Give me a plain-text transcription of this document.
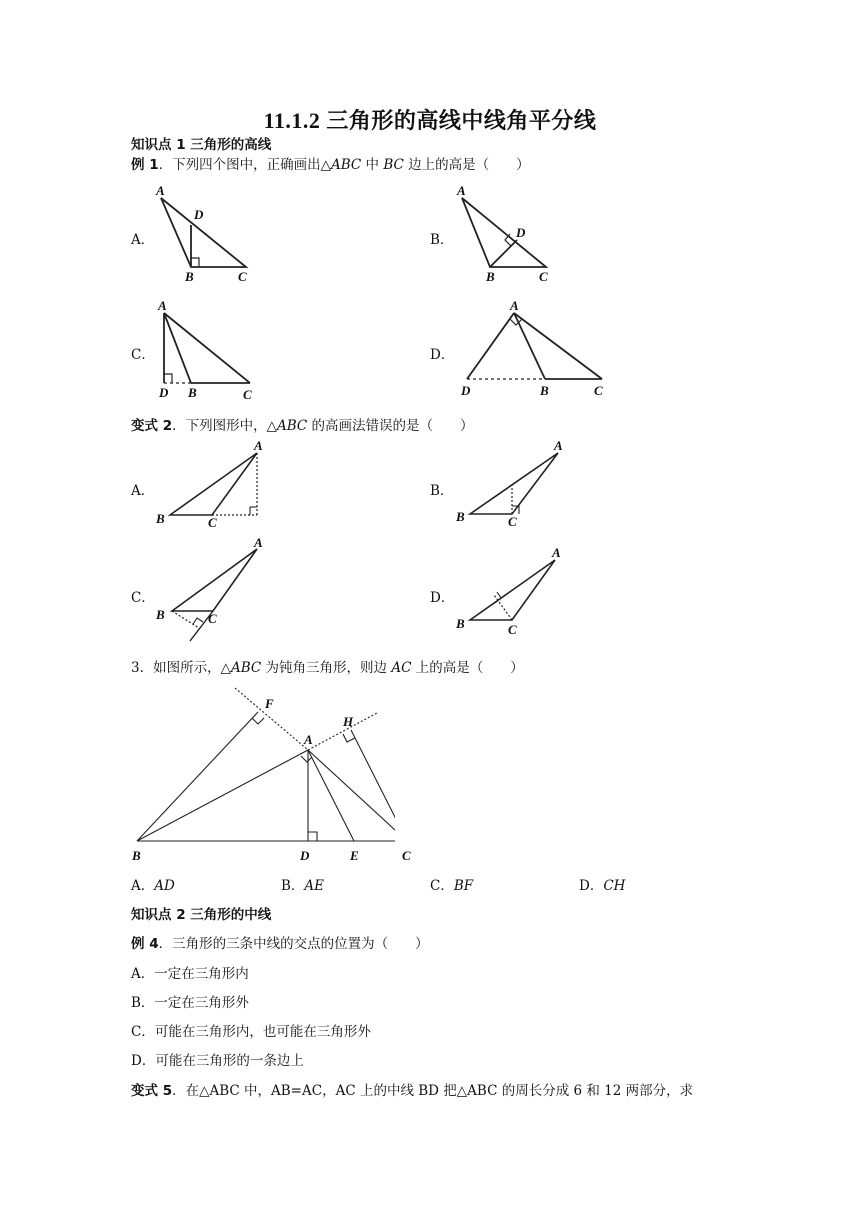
11.1.2 三角形的高线中线角平分线
知识点 1 三角形的高线
例 1．下列四个图中，正确画出△ABC 中 BC 边上的高是（　　）
A．	B．
C．	D．
A
D
B	C
A
D
B	C
A
D B	C
A
D	B	C
变式 2．下列图形中，△ABC 的高画法错误的是（　　）
A．	B．
C．	D．
A
B	C
A
B	C
A
B	C
A
B	C
3．如图所示，△ABC 为钝角三角形，则边 AC 上的高是（　　）
F
H
A
B	D	E	C
A．AD	B．AE	C．BF	D．CH
知识点 2 三角形的中线
例 4．三角形的三条中线的交点的位置为（　　）
A．一定在三角形内
B．一定在三角形外
C．可能在三角形内，也可能在三角形外
D．可能在三角形的一条边上
变式 5．在△ABC 中，AB=AC，AC 上的中线 BD 把△ABC 的周长分成 6 和 12 两部分，求
